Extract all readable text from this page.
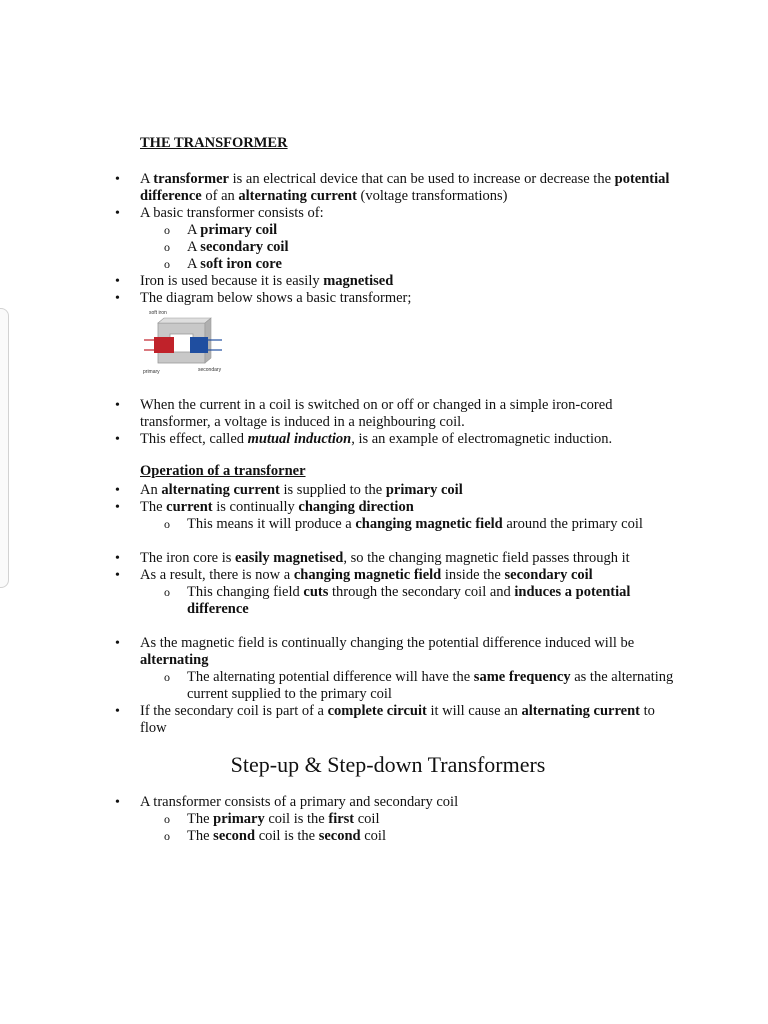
THE TRANSFORMER
• A transformer is an electrical device that can be used to increase or decrease the potential difference of an alternating current (voltage transformations)
• A basic transformer consists of:
o A primary coil
o A secondary coil
o A soft iron core
• Iron is used because it is easily magnetised
• The diagram below shows a basic transformer;
soft iron
primary	secondary
• When the current in a coil is switched on or off or changed in a simple iron-cored transformer, a voltage is induced in a neighbouring coil.
• This effect, called mutual induction, is an example of electromagnetic induction.
Operation of a transforner
• An alternating current is supplied to the primary coil
• The current is continually changing direction
o This means it will produce a changing magnetic field around the primary coil
• The iron core is easily magnetised, so the changing magnetic field passes through it
• As a result, there is now a changing magnetic field inside the secondary coil
o This changing field cuts through the secondary coil and induces a potential difference
• As the magnetic field is continually changing the potential difference induced will be alternating
o The alternating potential difference will have the same frequency as the alternating current supplied to the primary coil
• If the secondary coil is part of a complete circuit it will cause an alternating current to flow
Step-up & Step-down Transformers
• A transformer consists of a primary and secondary coil
o The primary coil is the first coil
o The second coil is the second coil
